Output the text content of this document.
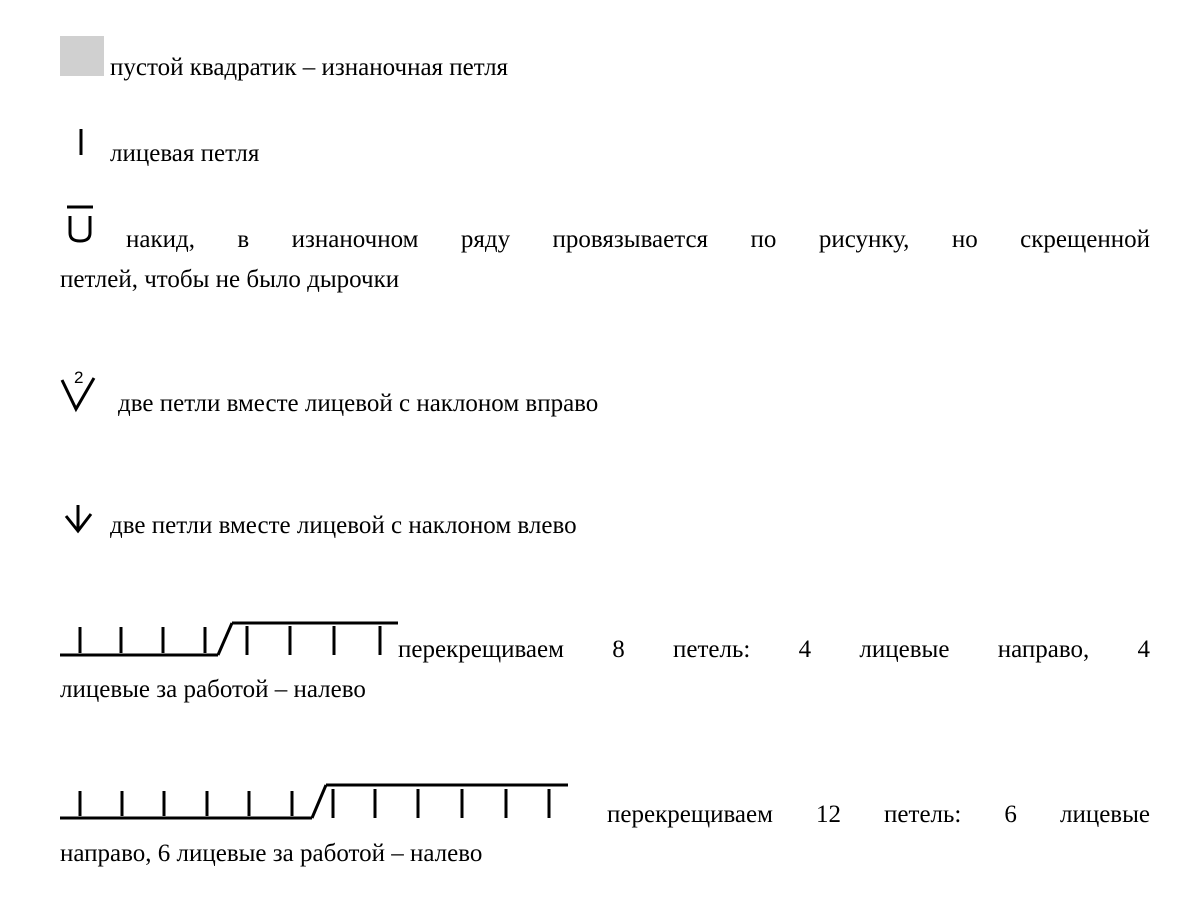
пустой квадратик – изнаночная петля
лицевая петля
накид, в изнаночном ряду провязывается по рисунку, но скрещенной
петлей, чтобы не было дырочки
2
две петли вместе лицевой с наклоном вправо
две петли вместе лицевой с наклоном влево
перекрещиваем 8 петель: 4 лицевые направо, 4
лицевые за работой – налево
перекрещиваем 12 петель: 6 лицевые
направо, 6 лицевые за работой – налево
